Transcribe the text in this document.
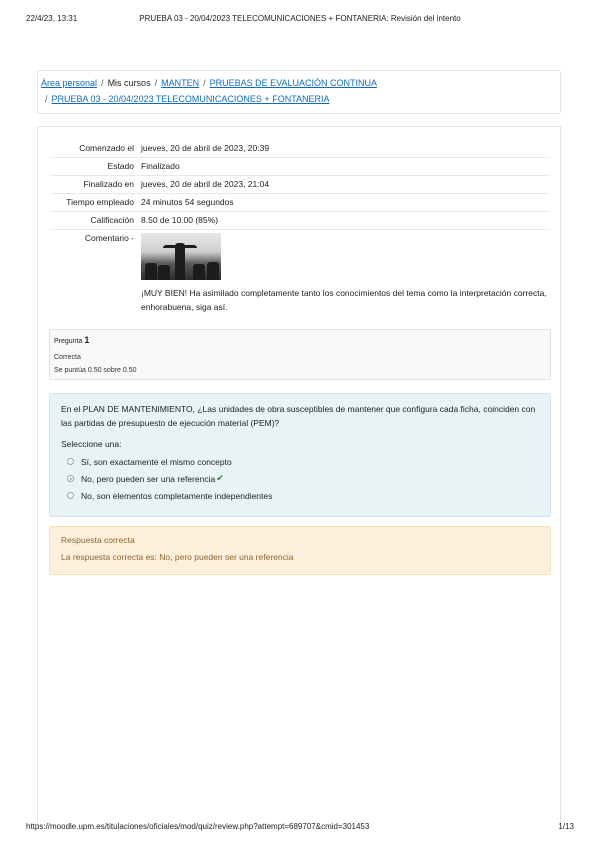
22/4/23, 13:31	PRUEBA 03 - 20/04/2023 TELECOMUNICACIONES + FONTANERIA: Revisión del intento
Área personal / Mis cursos / MANTEN / PRUEBAS DE EVALUACIÓN CONTINUA
/ PRUEBA 03 - 20/04/2023 TELECOMUNICACIONES + FONTANERIA
Comenzado el jueves, 20 de abril de 2023, 20:39
Estado Finalizado
Finalizado en jueves, 20 de abril de 2023, 21:04
Tiempo empleado 24 minutos 54 segundos
Calificación 8.50 de 10.00 (85%)
Comentario -
¡MUY BIEN! Ha asimilado completamente tanto los conocimientos del tema como la interpretación correcta, enhorabuena, siga así.
Pregunta 1
Correcta
Se puntúa 0.50 sobre 0.50
En el PLAN DE MANTENIMIENTO, ¿Las unidades de obra susceptibles de mantener que configura cada ficha, coinciden con las partidas de presupuesto de ejecución material (PEM)?
Seleccione una:
Sí, son exactamente el mismo concepto
No, pero pueden ser una referencia ✔
No, son elementos completamente independientes
Respuesta correcta
La respuesta correcta es: No, pero pueden ser una referencia
https://moodle.upm.es/titulaciones/oficiales/mod/quiz/review.php?attempt=689707&cmid=301453	1/13
